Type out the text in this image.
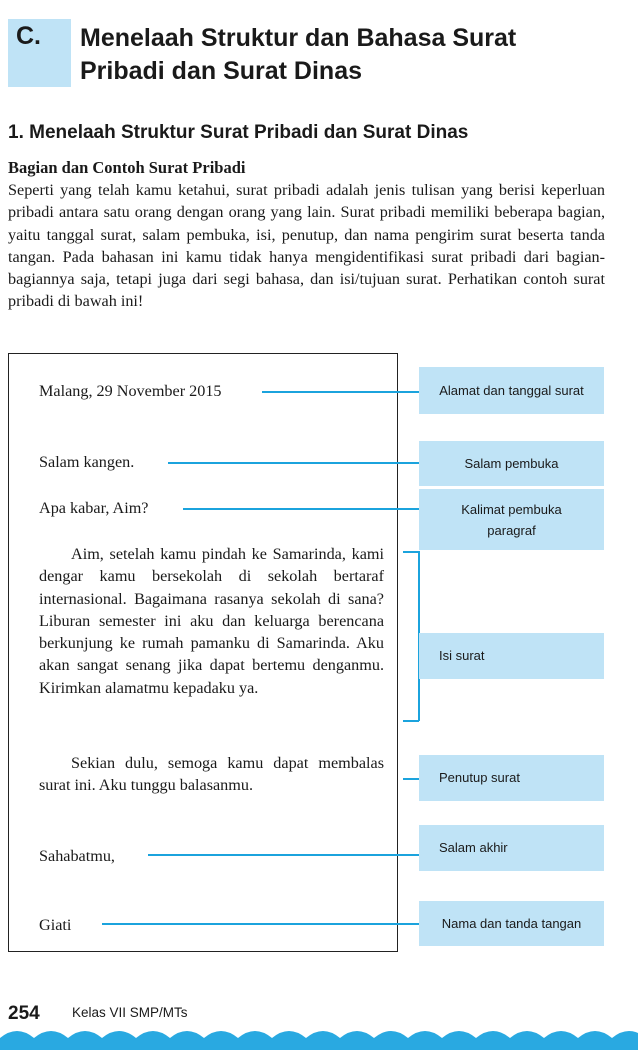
C. Menelaah Struktur dan Bahasa Surat
Pribadi dan Surat Dinas
1. Menelaah Struktur Surat Pribadi dan Surat Dinas
Bagian dan Contoh Surat Pribadi

Seperti yang telah kamu ketahui, surat pribadi adalah jenis tulisan yang berisi keperluan pribadi antara satu orang dengan orang yang lain. Surat pribadi memiliki beberapa bagian, yaitu tanggal surat, salam pembuka, isi, penutup, dan nama pengirim surat beserta tanda tangan. Pada bahasan ini kamu tidak hanya mengidentifikasi surat pribadi dari bagian-bagiannya saja, tetapi juga dari segi bahasa, dan isi/tujuan surat. Perhatikan contoh surat pribadi di bawah ini!

Malang, 29 November 2015
Salam kangen.
Apa kabar, Aim?

Aim, setelah kamu pindah ke Samarinda, kami dengar kamu bersekolah di sekolah bertaraf internasional. Bagaimana rasanya sekolah di sana? Liburan semester ini aku dan keluarga berencana berkunjung ke rumah pamanku di Samarinda. Aku akan sangat senang jika dapat bertemu denganmu. Kirimkan alamatmu kepadaku ya.

Sekian dulu, semoga kamu dapat membalas surat ini. Aku tunggu balasanmu.

Sahabatmu,
Giati
Alamat dan tanggal surat
Salam pembuka
Kalimat pembuka
paragraf
Isi surat
Penutup surat
Salam akhir
Nama dan tanda tangan
254 Kelas VII SMP/MTs
